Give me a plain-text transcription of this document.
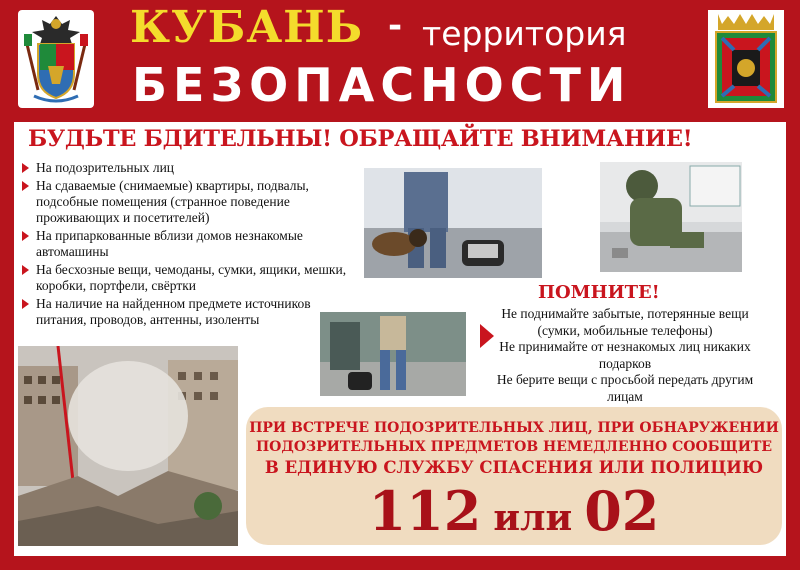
КУБАНЬ - территория
БЕЗОПАСНОСТИ
БУДЬТЕ БДИТЕЛЬНЫ! ОБРАЩАЙТЕ ВНИМАНИЕ!
На подозрительных лиц
На сдаваемые (снимаемые) квартиры, подвалы, подсобные помещения (странное поведение проживающих и посетителей)
На припаркованные вблизи домов незнакомые автомашины
На бесхозные вещи, чемоданы, сумки, ящики, мешки, коробки, портфели, свёртки
На наличие на найденном предмете источников питания, проводов, антенны, изоленты
ПОМНИТЕ!
Не поднимайте забытые, потерянные вещи (сумки, мобильные телефоны)
Не принимайте от незнакомых лиц никаких подарков
Не берите вещи с просьбой передать другим лицам
ПРИ ВСТРЕЧЕ ПОДОЗРИТЕЛЬНЫХ ЛИЦ, ПРИ ОБНАРУЖЕНИИ
ПОДОЗРИТЕЛЬНЫХ ПРЕДМЕТОВ НЕМЕДЛЕННО СООБЩИТЕ
В ЕДИНУЮ СЛУЖБУ СПАСЕНИЯ ИЛИ ПОЛИЦИЮ
112 или 02
